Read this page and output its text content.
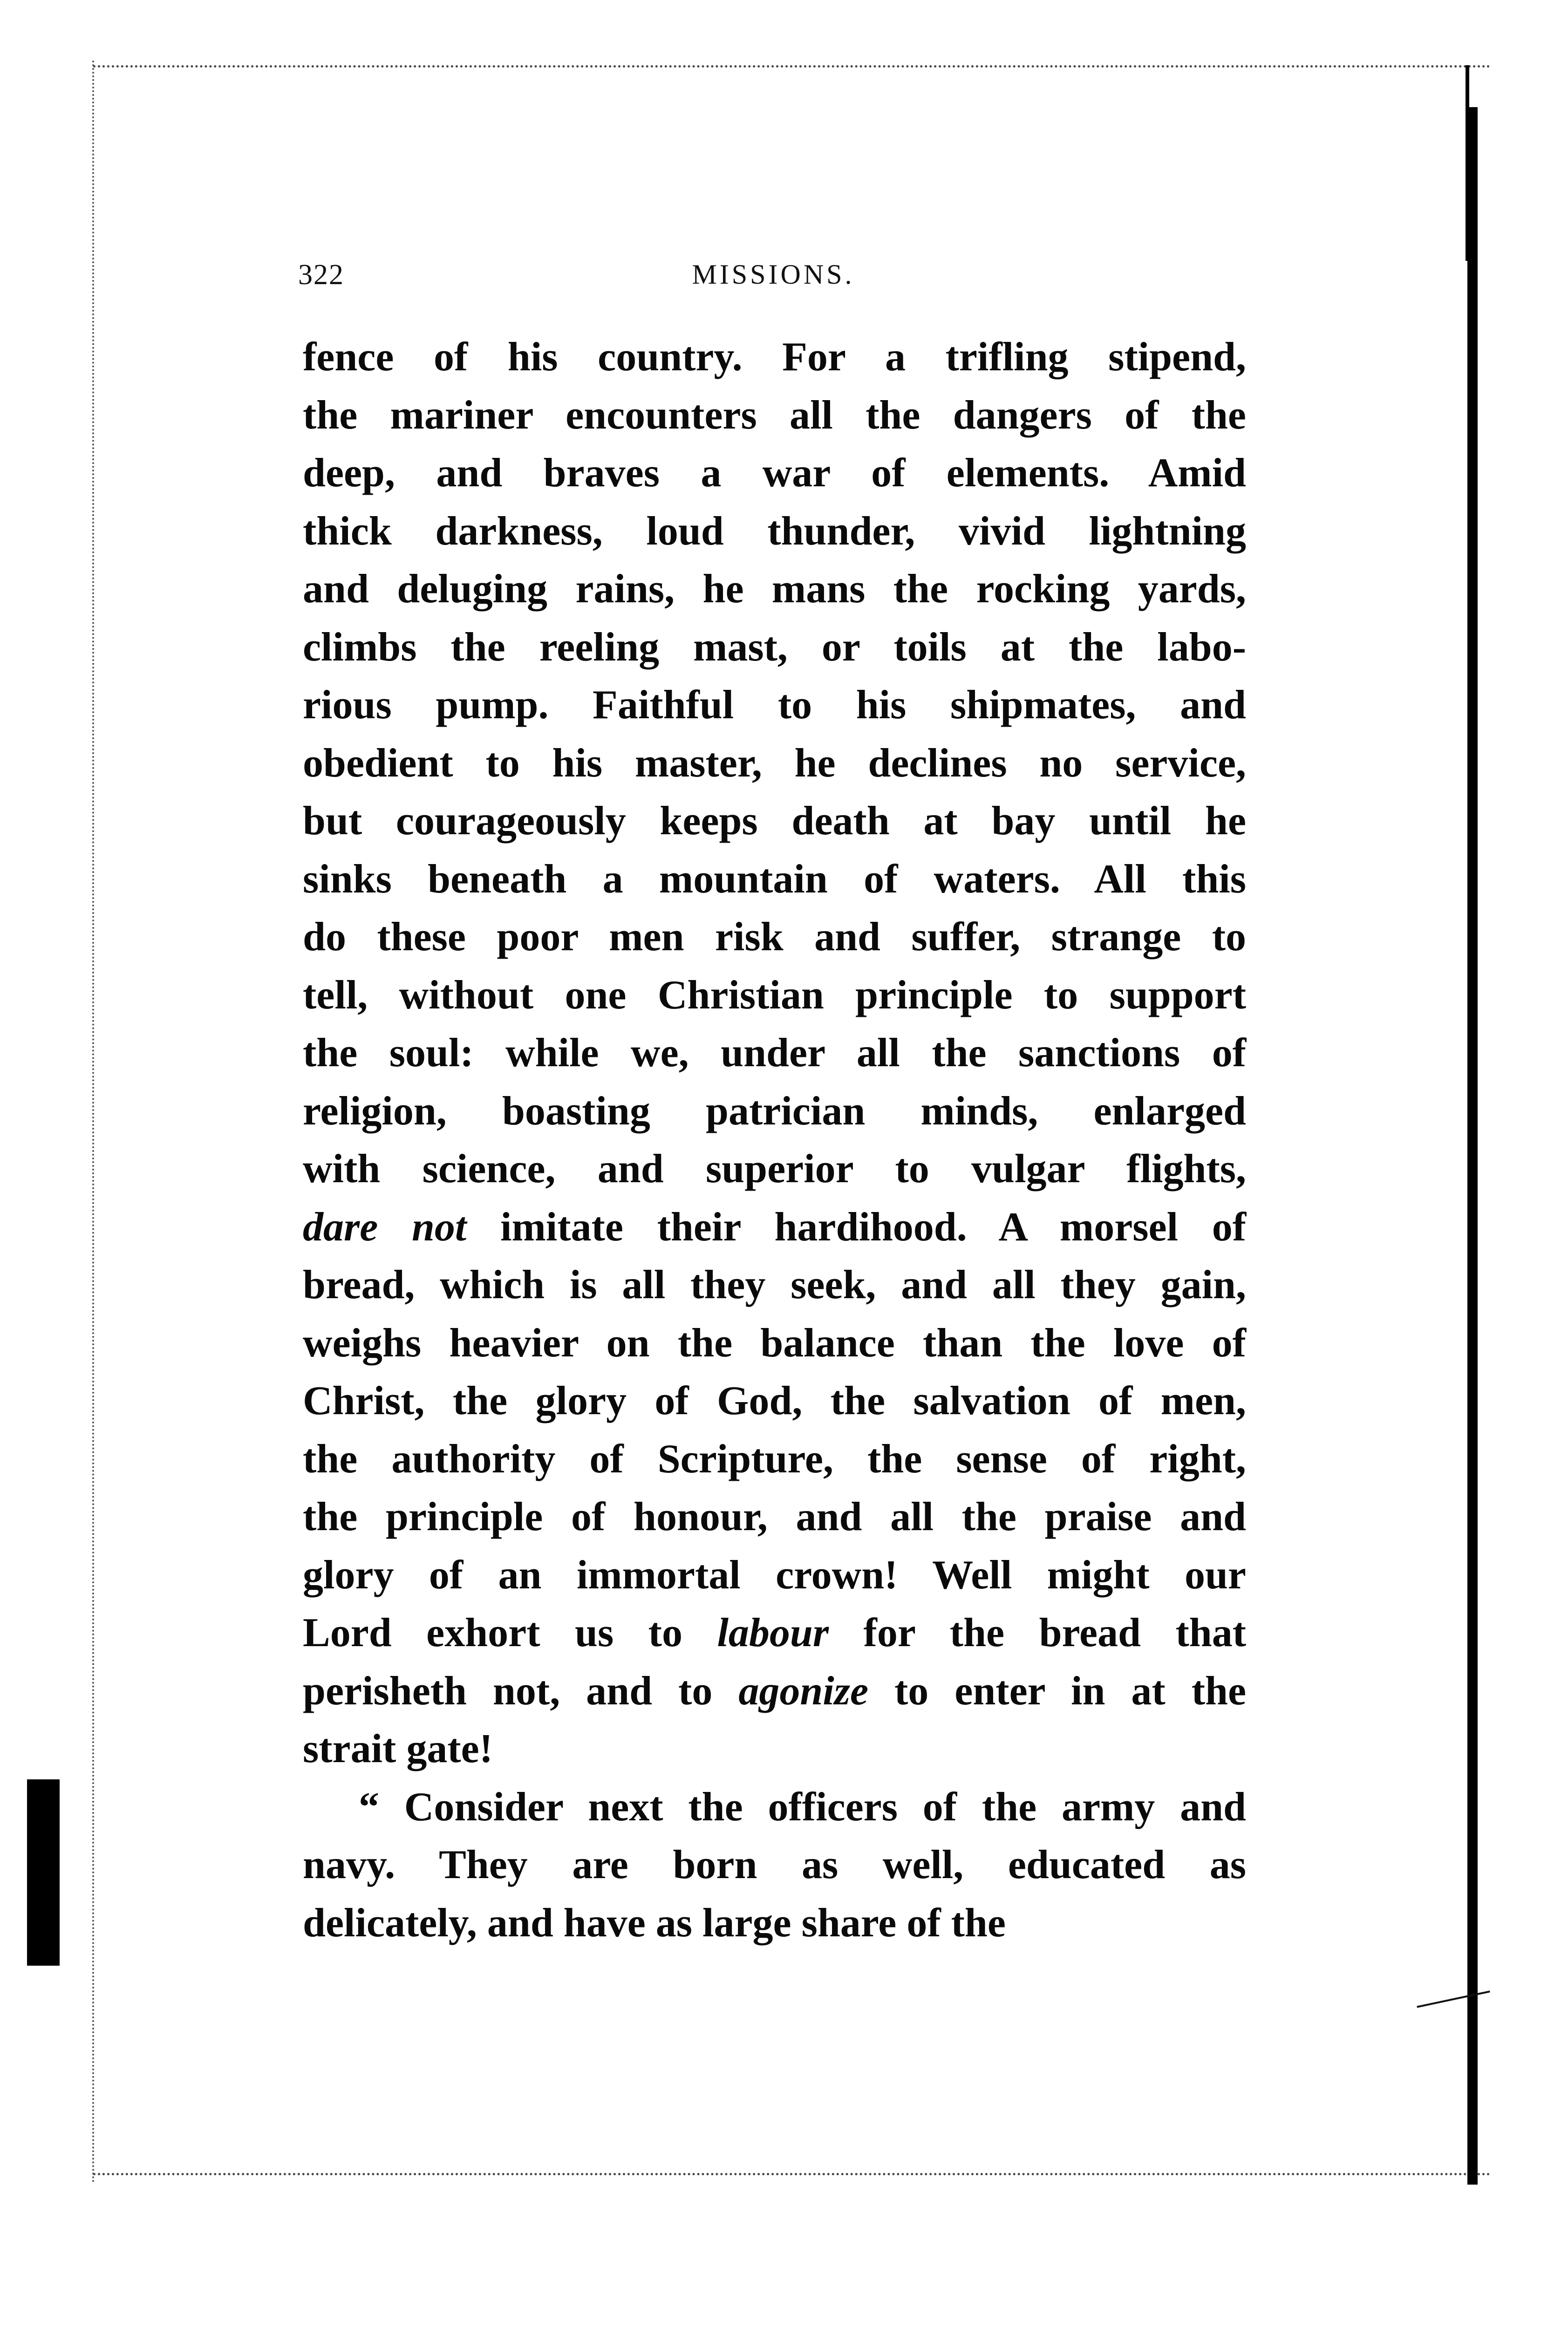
MISSIONS.
322
fence of his country. For a trifling stipend,
the mariner encounters all the dangers of the
deep, and braves a war of elements. Amid
thick darkness, loud thunder, vivid lightning
and deluging rains, he mans the rocking yards,
climbs the reeling mast, or toils at the labo-
rious pump. Faithful to his shipmates, and
obedient to his master, he declines no service,
but courageously keeps death at bay until he
sinks beneath a mountain of waters. All this
do these poor men risk and suffer, strange to
tell, without one Christian principle to support
the soul: while we, under all the sanctions of
religion, boasting patrician minds, enlarged
with science, and superior to vulgar flights,
dare not imitate their hardihood. A morsel of
bread, which is all they seek, and all they gain,
weighs heavier on the balance than the love of
Christ, the glory of God, the salvation of men,
the authority of Scripture, the sense of right,
the principle of honour, and all the praise and
glory of an immortal crown! Well might our
Lord exhort us to labour for the bread that
perisheth not, and to agonize to enter in at the
strait gate!
“ Consider next the officers of the army and
navy. They are born as well, educated as
delicately, and have as large share of the
